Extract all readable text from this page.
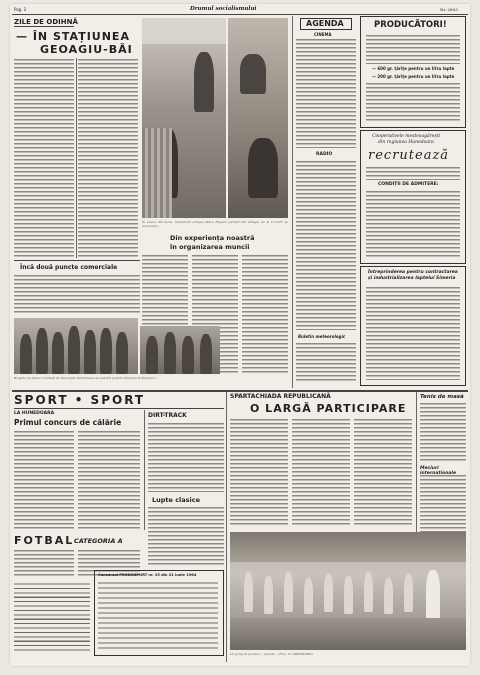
Pag. 2	Drumul socialismului	Nr. 2603
ZILE DE ODIHNĂ
— ÎN STAȚIUNEA
GEOAGIU-BĂI
În pauza din lucru, muncitorii echipei Petru Fiţascu (primul din stânga) de la I.C.S.H. se recreează…
Din experiența noastră
în organizarea muncii
Încă două puncte comerciale
Brigada de mineri condusă de Gheorghe Dumitrescu se numără printre fruntașii în întrecere…
AGENDA
CINEMA
RADIO
Buletin meteorologic
PRODUCĂTORI!
— 600 gr. țărițe pentru un litru lapte
— 200 gr. țărițe pentru un litru lapte
Cooperativele meșteșugărești
din regiunea Hunedoara
recrutează
CONDIȚII DE ADMITERE:
Întreprinderea pentru contractarea
și industrializarea laptelui Simeria
SPORT • SPORT
LA HUNEDOARA
Primul concurs de călărie
DIRT-TRACK
Lupte clasice
FOTBAL CATEGORIA A
Concursul PRONOSPORT nr. 25 din 21 iunie 1964
SPARTACHIADA REPUBLICANĂ
O LARGĂ PARTICIPARE
Tenis de masă
Meciuri
Un grup de pionieri... parada... (Foto: N. GHEORGHE)
